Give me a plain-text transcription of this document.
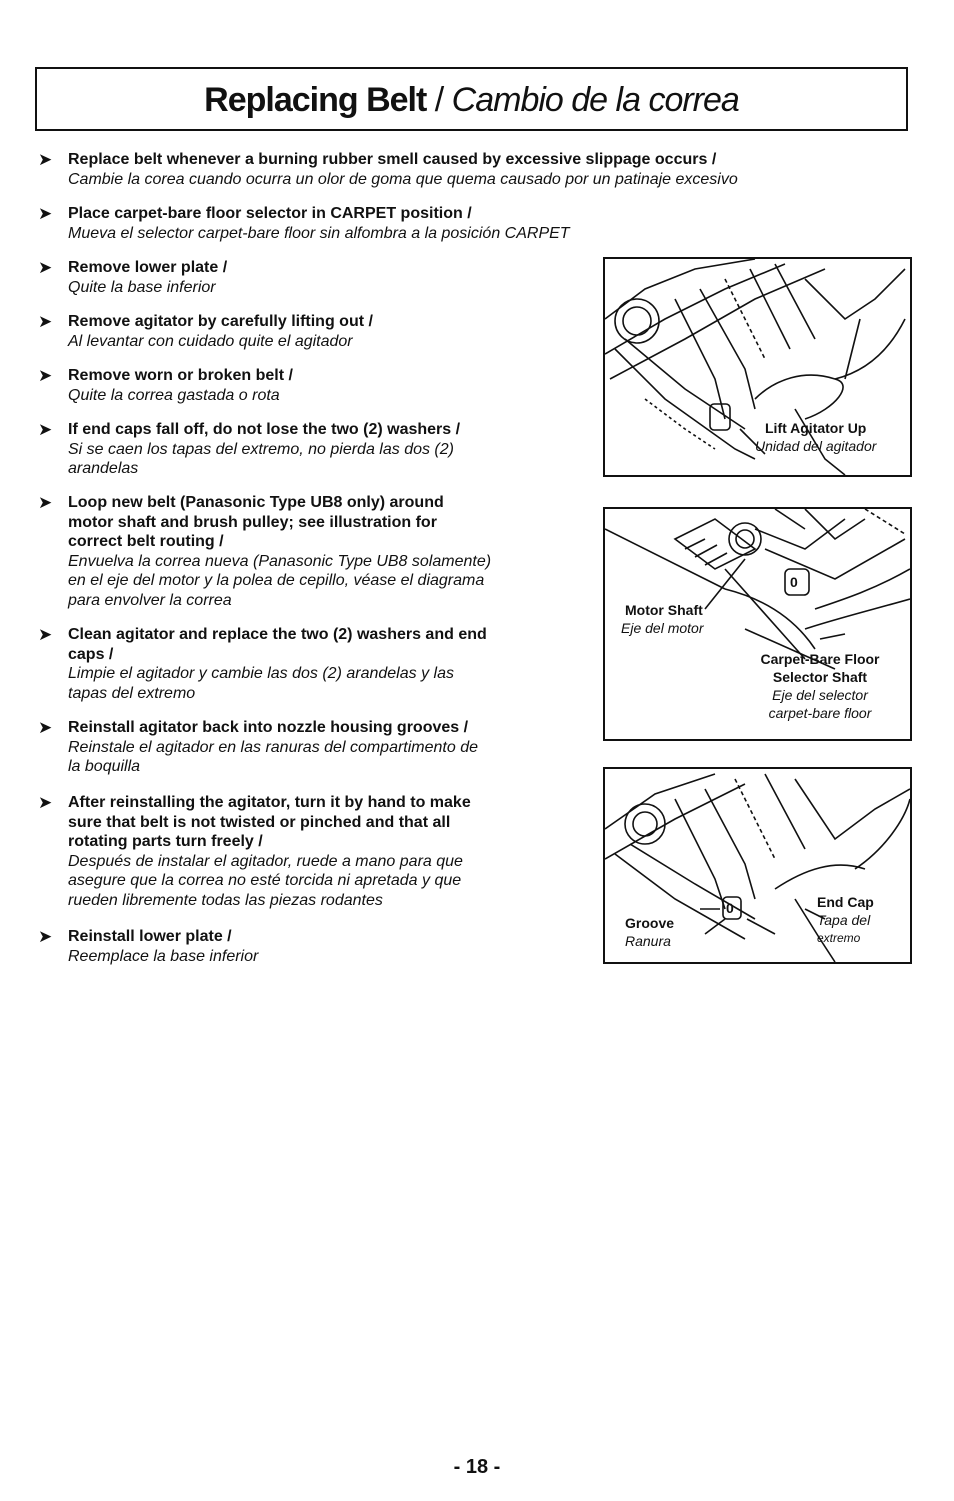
Replacing Belt / Cambio de la correa
➤ Replace belt whenever a burning rubber smell caused by excessive slippage occurs /
Cambie la corea cuando ocurra un olor de goma que quema causado por un patinaje excesivo
➤ Place carpet-bare floor selector in CARPET position /
Mueva el selector carpet-bare floor sin alfombra a la posición CARPET
➤ Remove lower plate /
Quite la base inferior
➤ Remove agitator by carefully lifting out /
Al levantar con cuidado quite el agitador
➤ Remove worn or broken belt /
Quite la correa gastada o rota
➤ If end caps fall off, do not lose the two (2) washers /
Si se caen los tapas del extremo, no pierda las dos (2)
arandelas
➤ Loop new belt (Panasonic Type UB8 only) around
motor shaft and brush pulley; see illustration for
correct belt routing /
Envuelva la correa nueva (Panasonic Type UB8 solamente)
en el eje del motor y la polea de cepillo, véase el diagrama
para envolver la correa
➤ Clean agitator and replace the two (2) washers and end
caps /
Limpie el agitador y cambie las dos (2) arandelas y las
tapas del extremo
➤ Reinstall agitator back into nozzle housing grooves /
Reinstale el agitador en las ranuras del compartimento de
la boquilla
➤ After reinstalling the agitator, turn it by hand to make
sure that belt is not twisted or pinched and that all
rotating parts turn freely /
Después de instalar el agitador, ruede a mano para que
asegure que la correa no esté torcida ni apretada y que
rueden libremente todas las piezas rodantes
➤ Reinstall lower plate /
Reemplace la base inferior
Lift Agitator Up
Unidad del agitador
0
Motor Shaft
Eje del motor
Carpet-Bare Floor
Selector Shaft
Eje del selector
carpet-bare floor
0
Groove
Ranura
End Cap
Tapa del
extremo
- 18 -
